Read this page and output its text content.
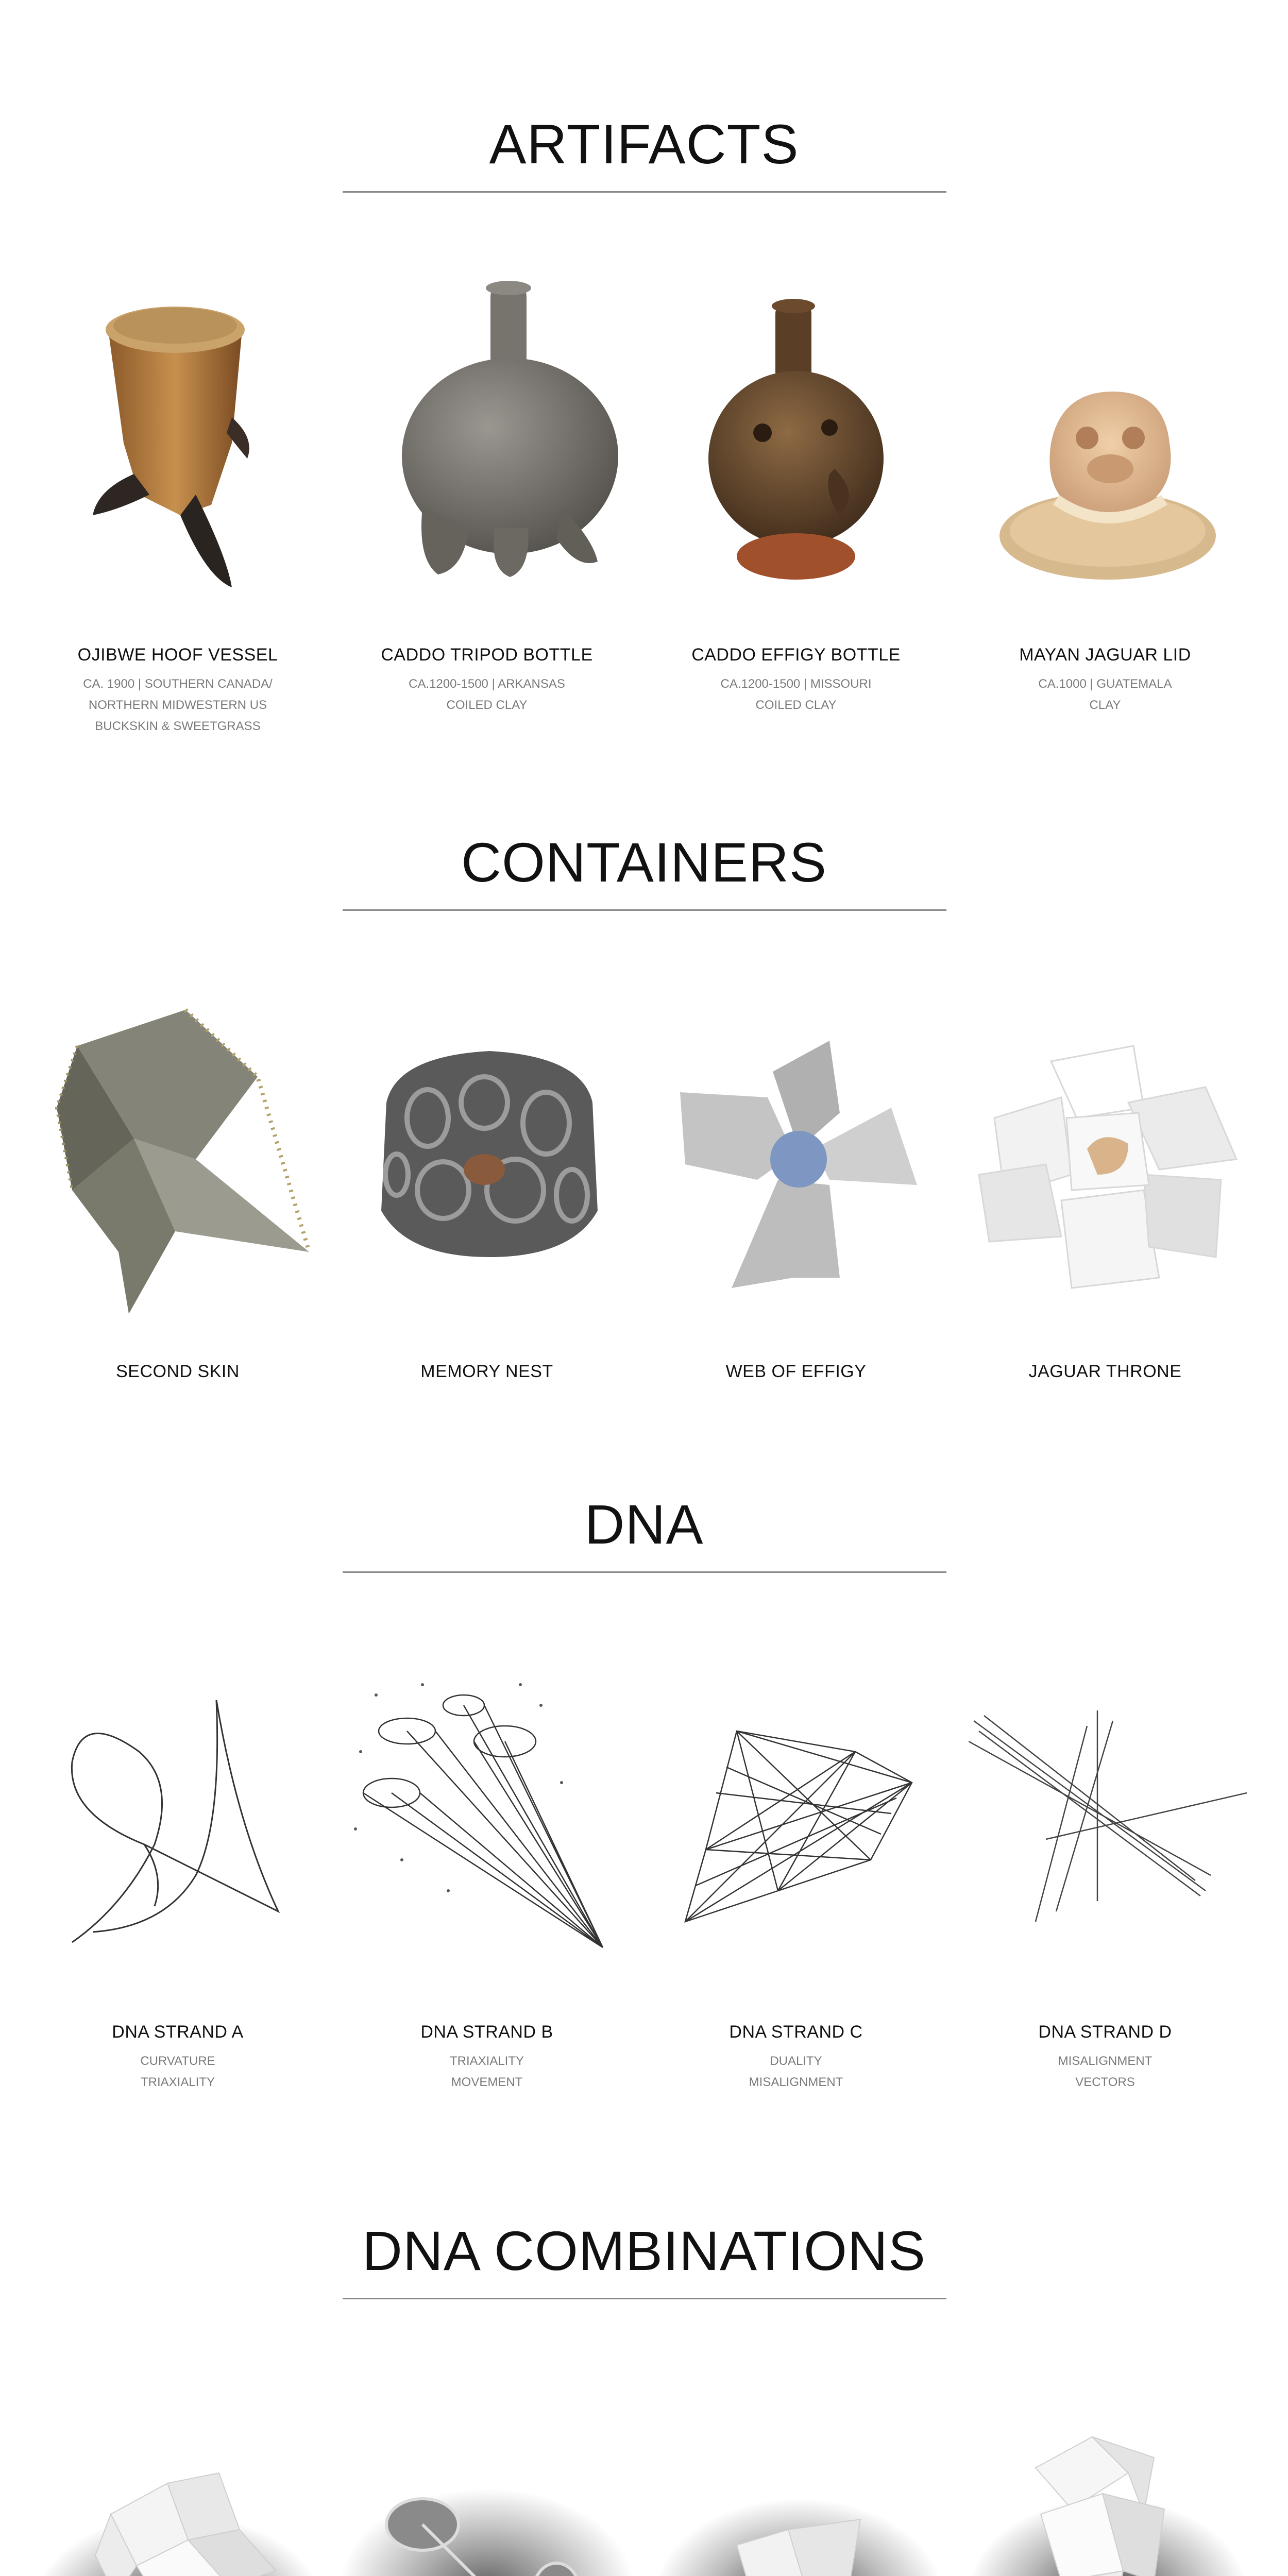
ARTIFACTS
OJIBWE HOOF VESSEL
CA. 1900 | SOUTHERN CANADA/
NORTHERN MIDWESTERN US
BUCKSKIN & SWEETGRASS
CADDO TRIPOD BOTTLE
CA.1200-1500 | ARKANSAS
COILED CLAY
CADDO EFFIGY BOTTLE
CA.1200-1500 | MISSOURI
COILED CLAY
MAYAN JAGUAR LID
CA.1000 | GUATEMALA
CLAY
CONTAINERS
SECOND SKIN	MEMORY NEST	WEB OF EFFIGY	JAGUAR THRONE
DNA
DNA STRAND A
CURVATURE
TRIAXIALITY
DNA STRAND B
TRIAXIALITY
MOVEMENT
DNA STRAND C
DUALITY
MISALIGNMENT
DNA STRAND D
MISALIGNMENT
VECTORS
DNA COMBINATIONS
